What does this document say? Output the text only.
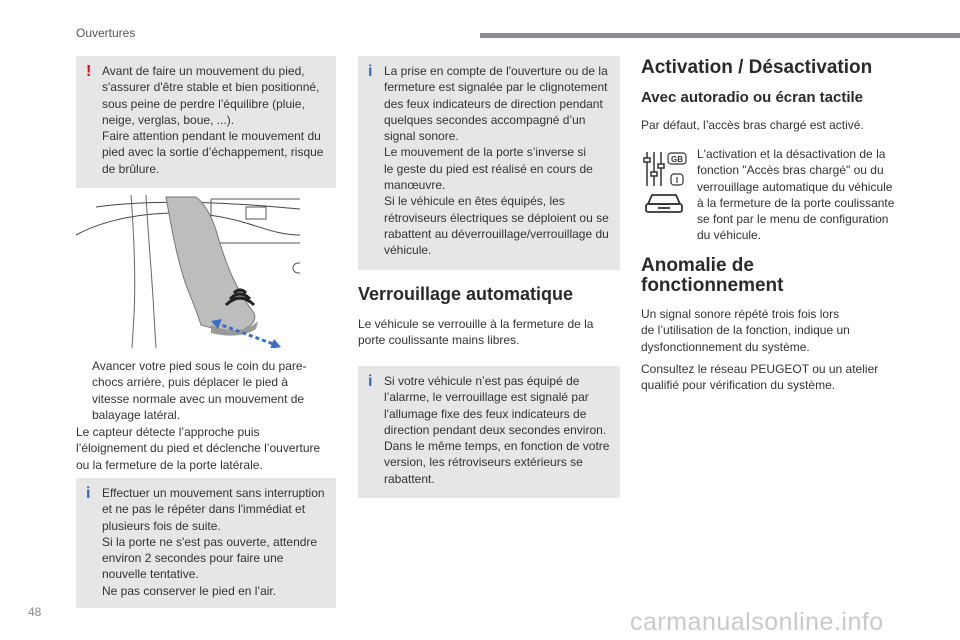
Ouvertures
! Avant de faire un mouvement du pied,
s'assurer d'être stable et bien positionné,
sous peine de perdre l’équilibre (pluie,
neige, verglas, boue, ...).
Faire attention pendant le mouvement du
pied avec la sortie d’échappement, risque
de brûlure.

Avancer votre pied sous le coin du pare-
chocs arrière, puis déplacer le pied à
vitesse normale avec un mouvement de
balayage latéral.

Le capteur détecte l’approche puis
l’éloignement du pied et déclenche l’ouverture
ou la fermeture de la porte latérale.

i Effectuer un mouvement sans interruption
et ne pas le répéter dans l'immédiat et
plusieurs fois de suite.
Si la porte ne s'est pas ouverte, attendre
environ 2 secondes pour faire une
nouvelle tentative.
Ne pas conserver le pied en l’air.

i La prise en compte de l'ouverture ou de la
fermeture est signalée par le clignotement
des feux indicateurs de direction pendant
quelques secondes accompagné d’un
signal sonore.
Le mouvement de la porte s’inverse si
le geste du pied est réalisé en cours de
manœuvre.
Si le véhicule en êtes équipés, les
rétroviseurs électriques se déploient ou se
rabattent au déverrouillage/verrouillage du
véhicule.

Verrouillage automatique

Le véhicule se verrouille à la fermeture de la
porte coulissante mains libres.

i Si votre véhicule n’est pas équipé de
l’alarme, le verrouillage est signalé par
l'allumage fixe des feux indicateurs de
direction pendant deux secondes environ.
Dans le même temps, en fonction de votre
version, les rétroviseurs extérieurs se
rabattent.

Activation / Désactivation
Avec autoradio ou écran tactile

Par défaut, l’accès bras chargé est activé.

GB
I

L'activation et la désactivation de la
fonction "Accès bras chargé" ou du
verrouillage automatique du véhicule
à la fermeture de la porte coulissante
se font par le menu de configuration
du véhicule.

Anomalie de
fonctionnement

Un signal sonore répété trois fois lors
de l’utilisation de la fonction, indique un
dysfonctionnement du système.

Consultez le réseau PEUGEOT ou un atelier
qualifié pour vérification du système.

48	carmanualsonline.info
